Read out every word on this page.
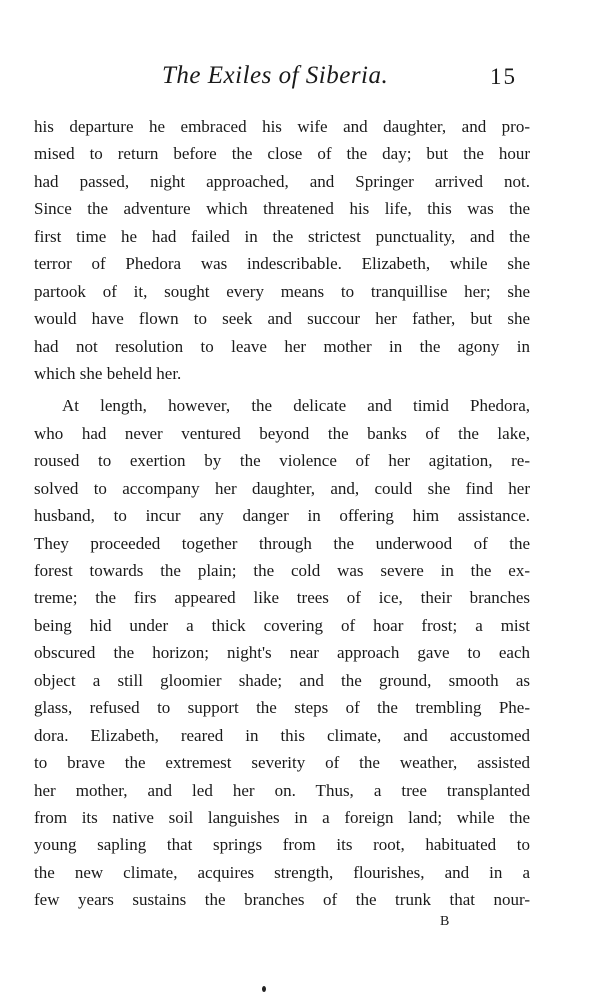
The Exiles of Siberia.	15
his departure he embraced his wife and daughter, and pro-
mised to return before the close of the day; but the hour
had passed, night approached, and Springer arrived not.
Since the adventure which threatened his life, this was the
first time he had failed in the strictest punctuality, and the
terror of Phedora was indescribable. Elizabeth, while she
partook of it, sought every means to tranquillise her; she
would have flown to seek and succour her father, but she
had not resolution to leave her mother in the agony in
which she beheld her.
At length, however, the delicate and timid Phedora,
who had never ventured beyond the banks of the lake,
roused to exertion by the violence of her agitation, re-
solved to accompany her daughter, and, could she find her
husband, to incur any danger in offering him assistance.
They proceeded together through the underwood of the
forest towards the plain; the cold was severe in the ex-
treme; the firs appeared like trees of ice, their branches
being hid under a thick covering of hoar frost; a mist
obscured the horizon; night's near approach gave to each
object a still gloomier shade; and the ground, smooth as
glass, refused to support the steps of the trembling Phe-
dora. Elizabeth, reared in this climate, and accustomed
to brave the extremest severity of the weather, assisted
her mother, and led her on. Thus, a tree transplanted
from its native soil languishes in a foreign land; while the
young sapling that springs from its root, habituated to
the new climate, acquires strength, flourishes, and in a
few years sustains the branches of the trunk that nour-
B
